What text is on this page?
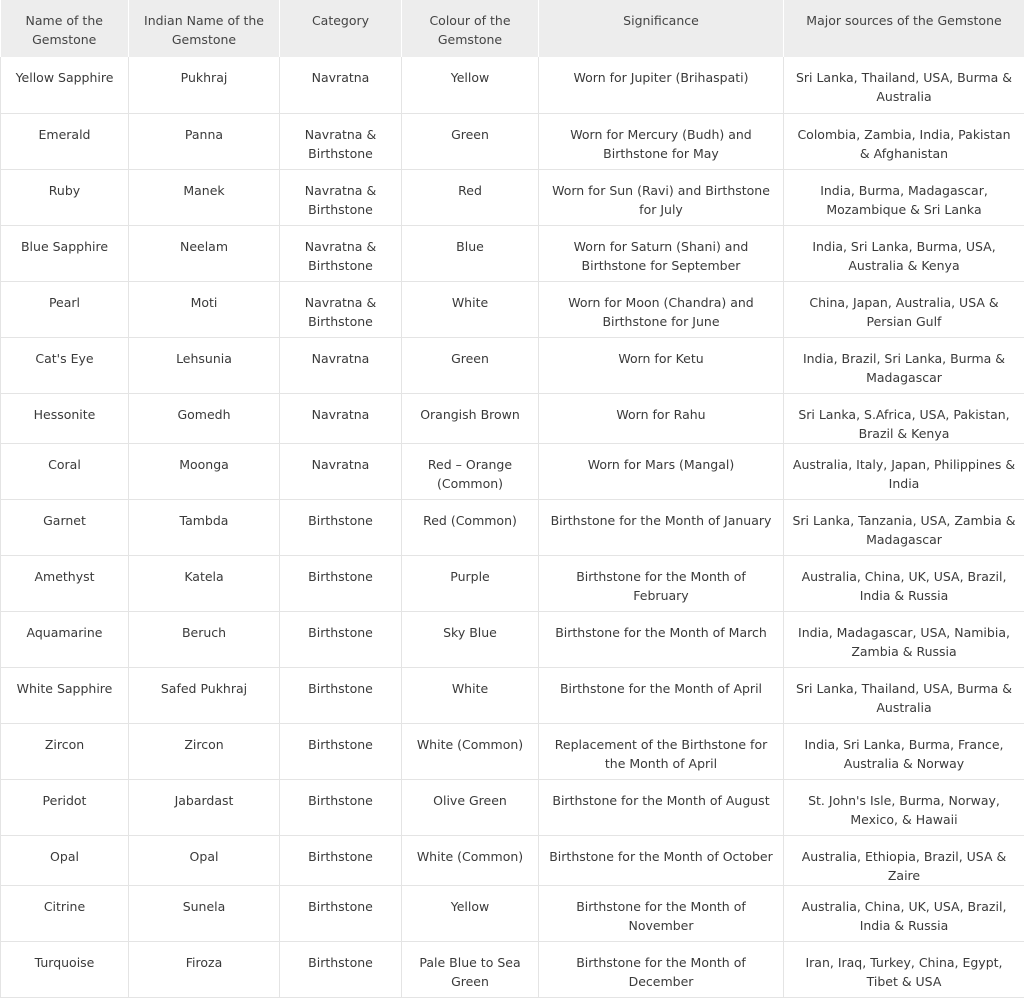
Name of the Gemstone	Indian Name of the Gemstone	Category	Colour of the Gemstone	Significance	Major sources of the Gemstone
Yellow Sapphire	Pukhraj	Navratna	Yellow	Worn for Jupiter (Brihaspati)	Sri Lanka, Thailand, USA, Burma & Australia
Emerald	Panna	Navratna & Birthstone	Green	Worn for Mercury (Budh) and Birthstone for May	Colombia, Zambia, India, Pakistan & Afghanistan
Ruby	Manek	Navratna & Birthstone	Red	Worn for Sun (Ravi) and Birthstone for July	India, Burma, Madagascar, Mozambique & Sri Lanka
Blue Sapphire	Neelam	Navratna & Birthstone	Blue	Worn for Saturn (Shani) and Birthstone for September	India, Sri Lanka, Burma, USA, Australia & Kenya
Pearl	Moti	Navratna & Birthstone	White	Worn for Moon (Chandra) and Birthstone for June	China, Japan, Australia, USA & Persian Gulf
Cat's Eye	Lehsunia	Navratna	Green	Worn for Ketu	India, Brazil, Sri Lanka, Burma & Madagascar
Hessonite	Gomedh	Navratna	Orangish Brown	Worn for Rahu	Sri Lanka, S.Africa, USA, Pakistan, Brazil & Kenya
Coral	Moonga	Navratna	Red – Orange (Common)	Worn for Mars (Mangal)	Australia, Italy, Japan, Philippines & India
Garnet	Tambda	Birthstone	Red (Common)	Birthstone for the Month of January	Sri Lanka, Tanzania, USA, Zambia & Madagascar
Amethyst	Katela	Birthstone	Purple	Birthstone for the Month of February	Australia, China, UK, USA, Brazil, India & Russia
Aquamarine	Beruch	Birthstone	Sky Blue	Birthstone for the Month of March	India, Madagascar, USA, Namibia, Zambia & Russia
White Sapphire	Safed Pukhraj	Birthstone	White	Birthstone for the Month of April	Sri Lanka, Thailand, USA, Burma & Australia
Zircon	Zircon	Birthstone	White (Common)	Replacement of the Birthstone for the Month of April	India, Sri Lanka, Burma, France, Australia & Norway
Peridot	Jabardast	Birthstone	Olive Green	Birthstone for the Month of August	St. John's Isle, Burma, Norway, Mexico, & Hawaii
Opal	Opal	Birthstone	White (Common)	Birthstone for the Month of October	Australia, Ethiopia, Brazil, USA & Zaire
Citrine	Sunela	Birthstone	Yellow	Birthstone for the Month of November	Australia, China, UK, USA, Brazil, India & Russia
Turquoise	Firoza	Birthstone	Pale Blue to Sea Green	Birthstone for the Month of December	Iran, Iraq, Turkey, China, Egypt, Tibet & USA
